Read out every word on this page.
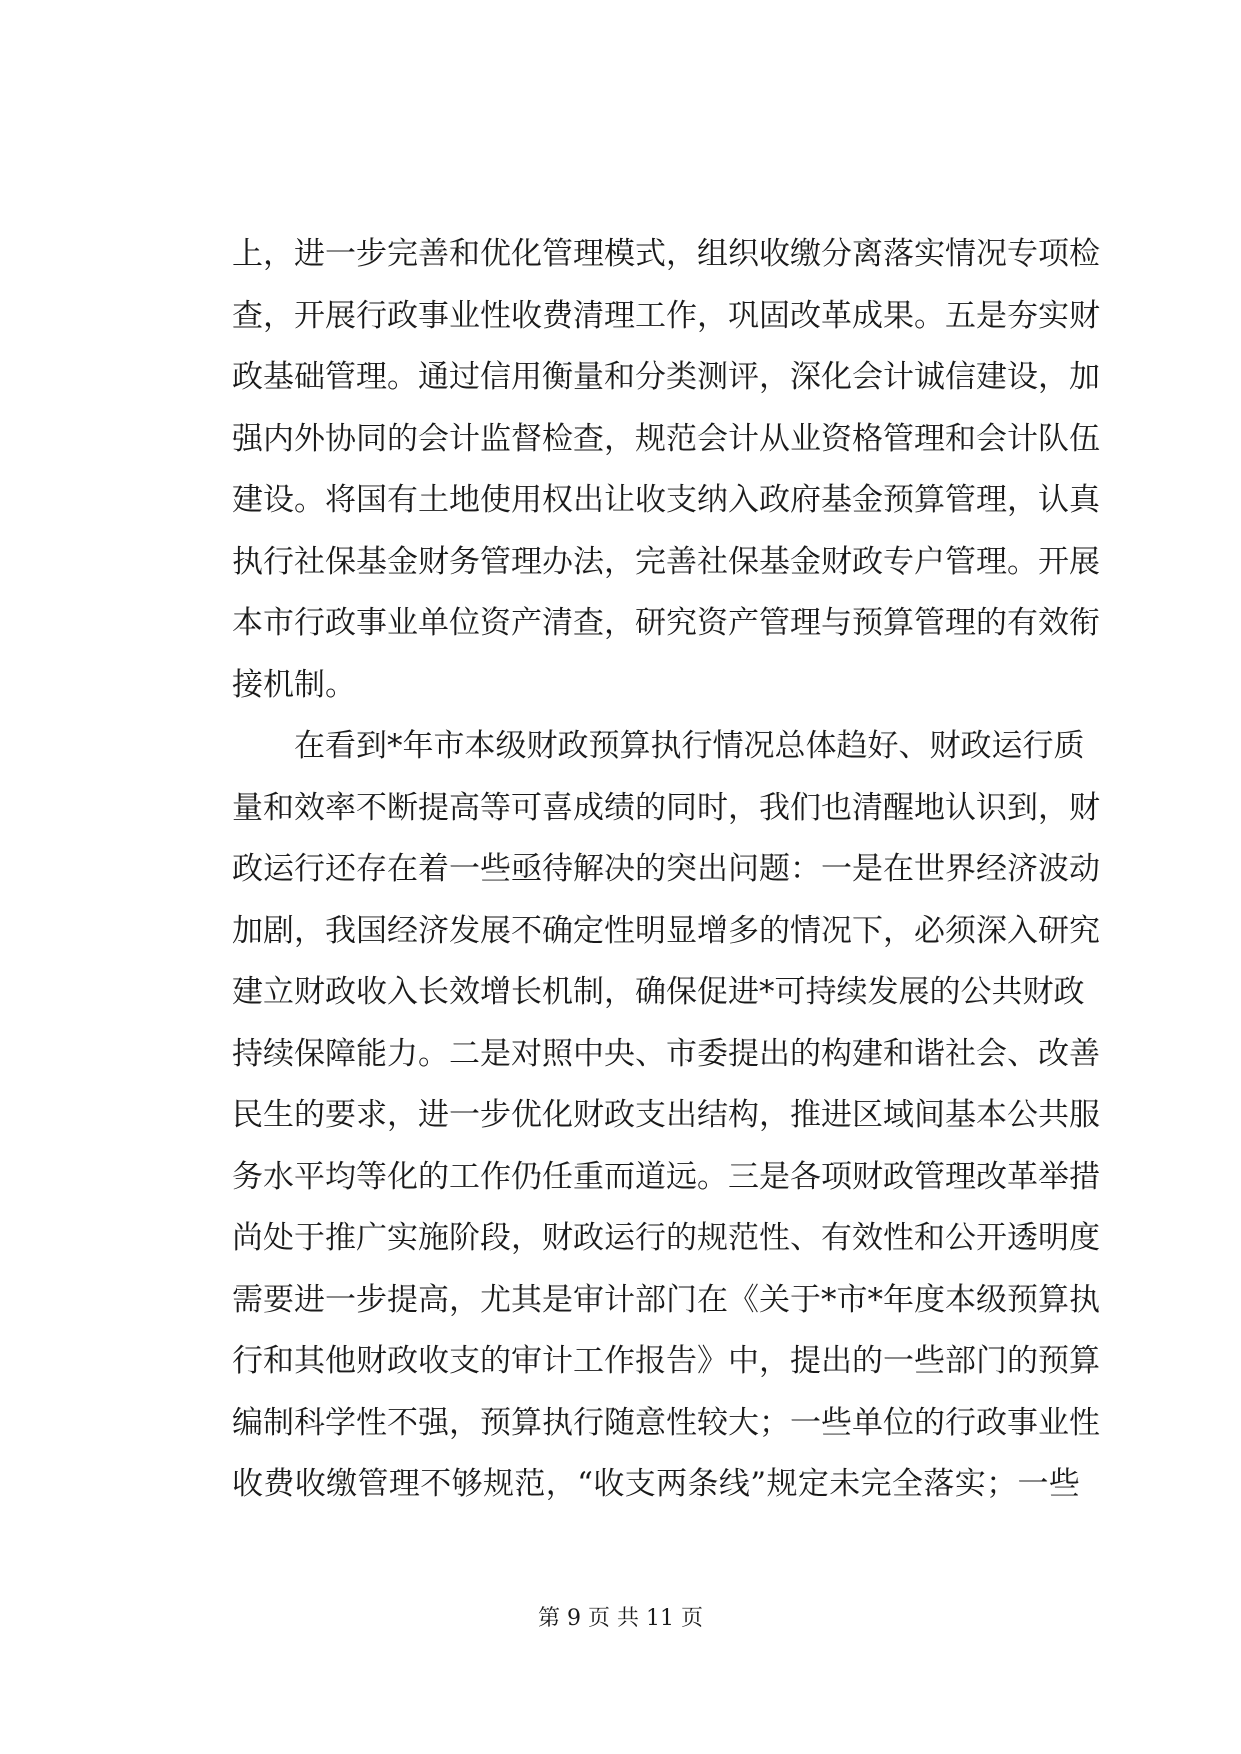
上 ， 进 一 步 完 善 和 优 化 管 理 模 式 ， 组 织 收 缴 分 离 落 实 情 况 专 项 检
查 ， 开 展 行 政 事 业 性 收 费 清 理 工 作 ， 巩 固 改 革 成 果 。 五 是 夯 实 财
政 基 础 管 理 。 通 过 信 用 衡 量 和 分 类 测 评 ， 深 化 会 计 诚 信 建 设 ， 加
强 内 外 协 同 的 会 计 监 督 检 查 ， 规 范 会 计 从 业 资 格 管 理 和 会 计 队 伍
建 设 。 将 国 有 土 地 使 用 权 出 让 收 支 纳 入 政 府 基 金 预 算 管 理 ， 认 真
执 行 社 保 基 金 财 务 管 理 办 法 ， 完 善 社 保 基 金 财 政 专 户 管 理 。 开 展
本 市 行 政 事 业 单 位 资 产 清 查 ， 研 究 资 产 管 理 与 预 算 管 理 的 有 效 衔
接 机 制 。

在 看 到 * 年 市 本 级 财 政 预 算 执 行 情 况 总 体 趋 好 、 财 政 运 行 质
量 和 效 率 不 断 提 高 等 可 喜 成 绩 的 同 时 ， 我 们 也 清 醒 地 认 识 到 ， 财
政 运 行 还 存 在 着 一 些 亟 待 解 决 的 突 出 问 题 ： 一 是 在 世 界 经 济 波 动
加 剧 ， 我 国 经 济 发 展 不 确 定 性 明 显 增 多 的 情 况 下 ， 必 须 深 入 研 究
建 立 财 政 收 入 长 效 增 长 机 制 ， 确 保 促 进 * 可 持 续 发 展 的 公 共 财 政
持 续 保 障 能 力 。 二 是 对 照 中 央 、 市 委 提 出 的 构 建 和 谐 社 会 、 改 善
民 生 的 要 求 ， 进 一 步 优 化 财 政 支 出 结 构 ， 推 进 区 域 间 基 本 公 共 服
务 水 平 均 等 化 的 工 作 仍 任 重 而 道 远 。 三 是 各 项 财 政 管 理 改 革 举 措
尚 处 于 推 广 实 施 阶 段 ， 财 政 运 行 的 规 范 性 、 有 效 性 和 公 开 透 明 度
需 要 进 一 步 提 高 ， 尤 其 是 审 计 部 门 在 《 关 于 * 市 * 年 度 本 级 预 算 执
行 和 其 他 财 政 收 支 的 审 计 工 作 报 告 》 中 ， 提 出 的 一 些 部 门 的 预 算
编 制 科 学 性 不 强 ， 预 算 执 行 随 意 性 较 大 ； 一 些 单 位 的 行 政 事 业 性
收 费 收 缴 管 理 不 够 规 范 ， “ 收 支 两 条 线 ” 规 定 未 完 全 落 实 ； 一 些
第 9 页 共 11 页
